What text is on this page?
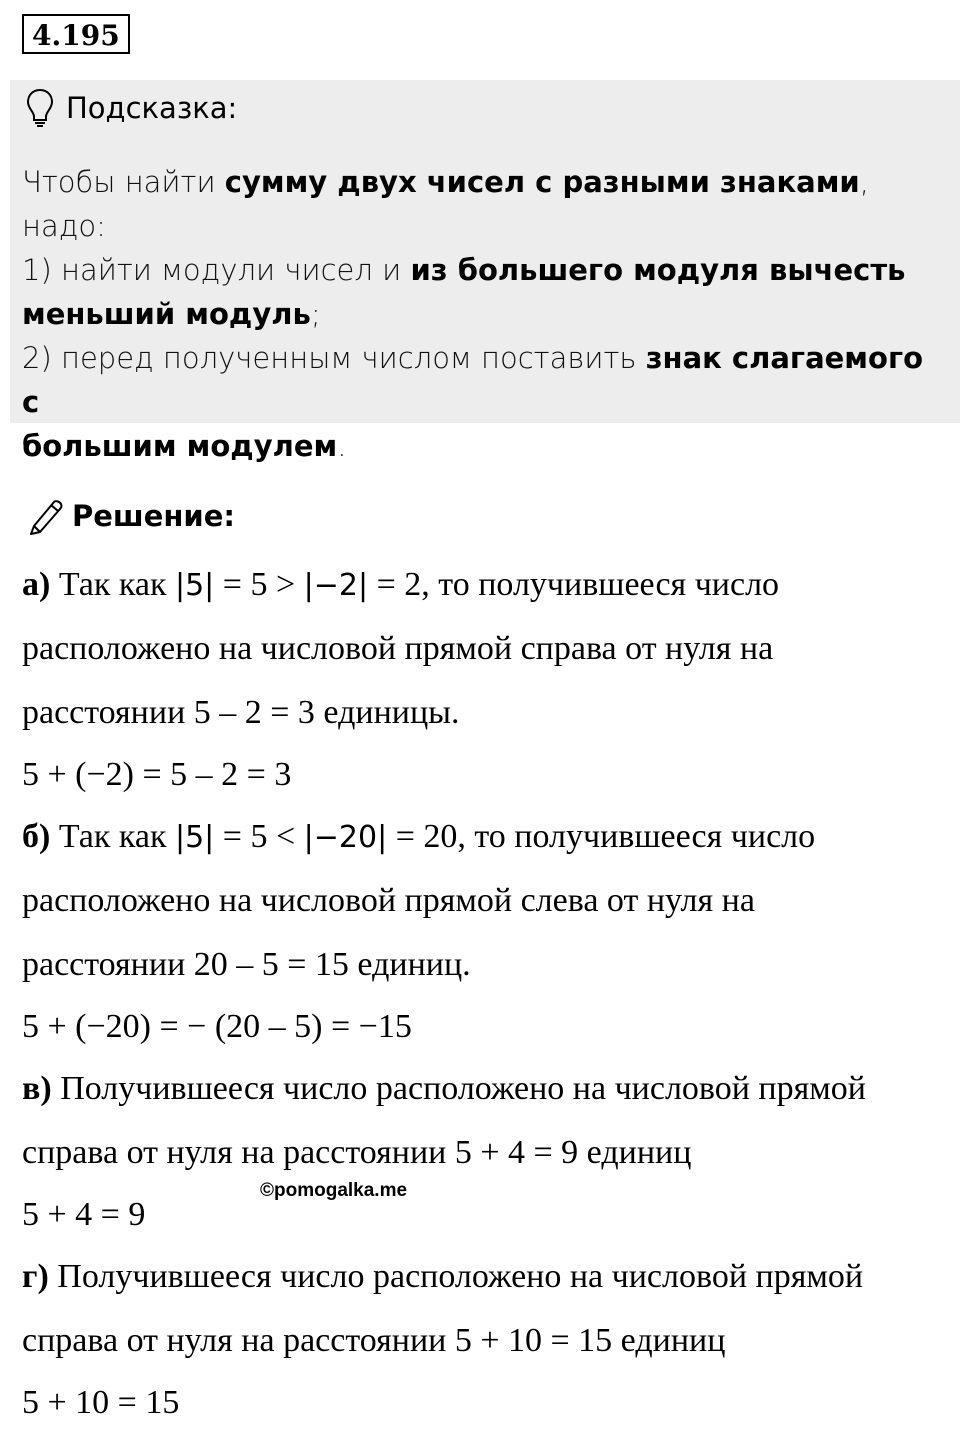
4.195
Подсказка:
Чтобы найти сумму двух чисел с разными знаками, надо:
1) найти модули чисел и из большего модуля вычесть
меньший модуль;
2) перед полученным числом поставить знак слагаемого с
большим модулем.
Решение:
а) Так как |5| = 5 > |−2| = 2, то получившееся число
расположено на числовой прямой справа от нуля на
расстоянии 5 – 2 = 3 единицы.
5 + (−2) = 5 – 2 = 3
б) Так как |5| = 5 < |−20| = 20, то получившееся число
расположено на числовой прямой слева от нуля на
расстоянии 20 – 5 = 15 единиц.
5 + (−20) = − (20 – 5) = −15
в) Получившееся число расположено на числовой прямой
справа от нуля на расстоянии 5 + 4 = 9 единиц
5 + 4 = 9
г) Получившееся число расположено на числовой прямой
справа от нуля на расстоянии 5 + 10 = 15 единиц
5 + 10 = 15
©pomogalka.me
